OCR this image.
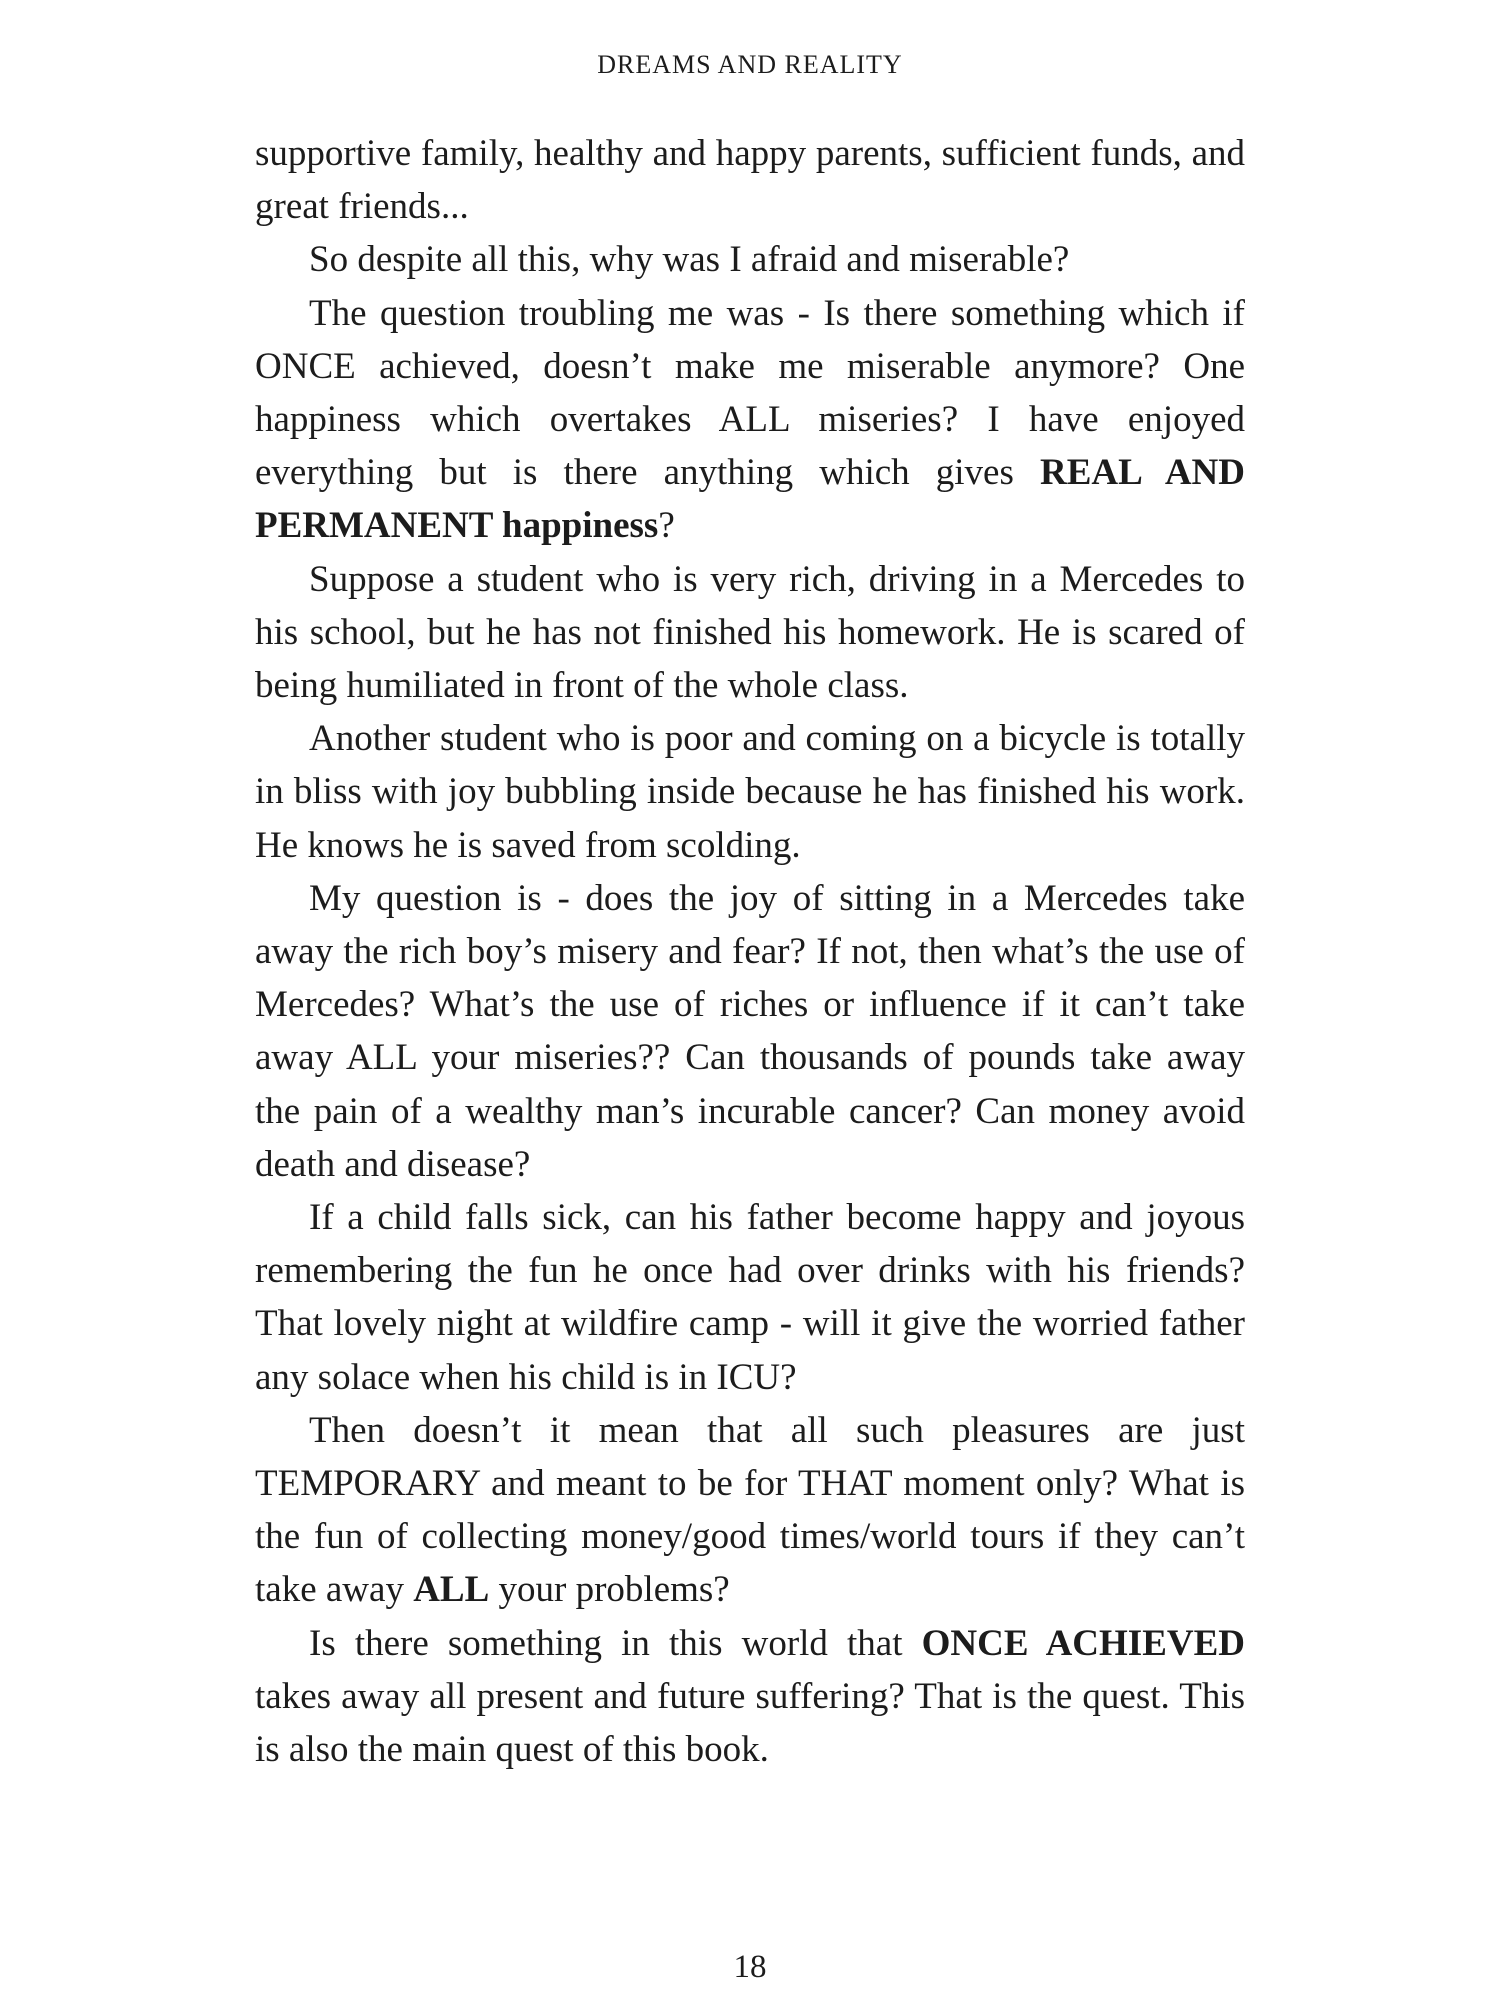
DREAMS AND REALITY

supportive family, healthy and happy parents, sufficient funds, and great friends...

So despite all this, why was I afraid and miserable?

The question troubling me was - Is there something which if ONCE achieved, doesn’t make me miserable anymore? One happiness which overtakes ALL miseries? I have enjoyed everything but is there anything which gives REAL AND PERMANENT happiness?

Suppose a student who is very rich, driving in a Mercedes to his school, but he has not finished his homework. He is scared of being humiliated in front of the whole class.

Another student who is poor and coming on a bicycle is totally in bliss with joy bubbling inside because he has finished his work. He knows he is saved from scolding.

My question is - does the joy of sitting in a Mercedes take away the rich boy’s misery and fear? If not, then what’s the use of Mercedes? What’s the use of riches or influence if it can’t take away ALL your miseries?? Can thousands of pounds take away the pain of a wealthy man’s incurable cancer? Can money avoid death and disease?

If a child falls sick, can his father become happy and joyous remembering the fun he once had over drinks with his friends? That lovely night at wildfire camp - will it give the worried father any solace when his child is in ICU?

Then doesn’t it mean that all such pleasures are just TEMPORARY and meant to be for THAT moment only? What is the fun of collecting money/good times/world tours if they can’t take away ALL your problems?

Is there something in this world that ONCE ACHIEVED takes away all present and future suffering? That is the quest. This is also the main quest of this book.

18
